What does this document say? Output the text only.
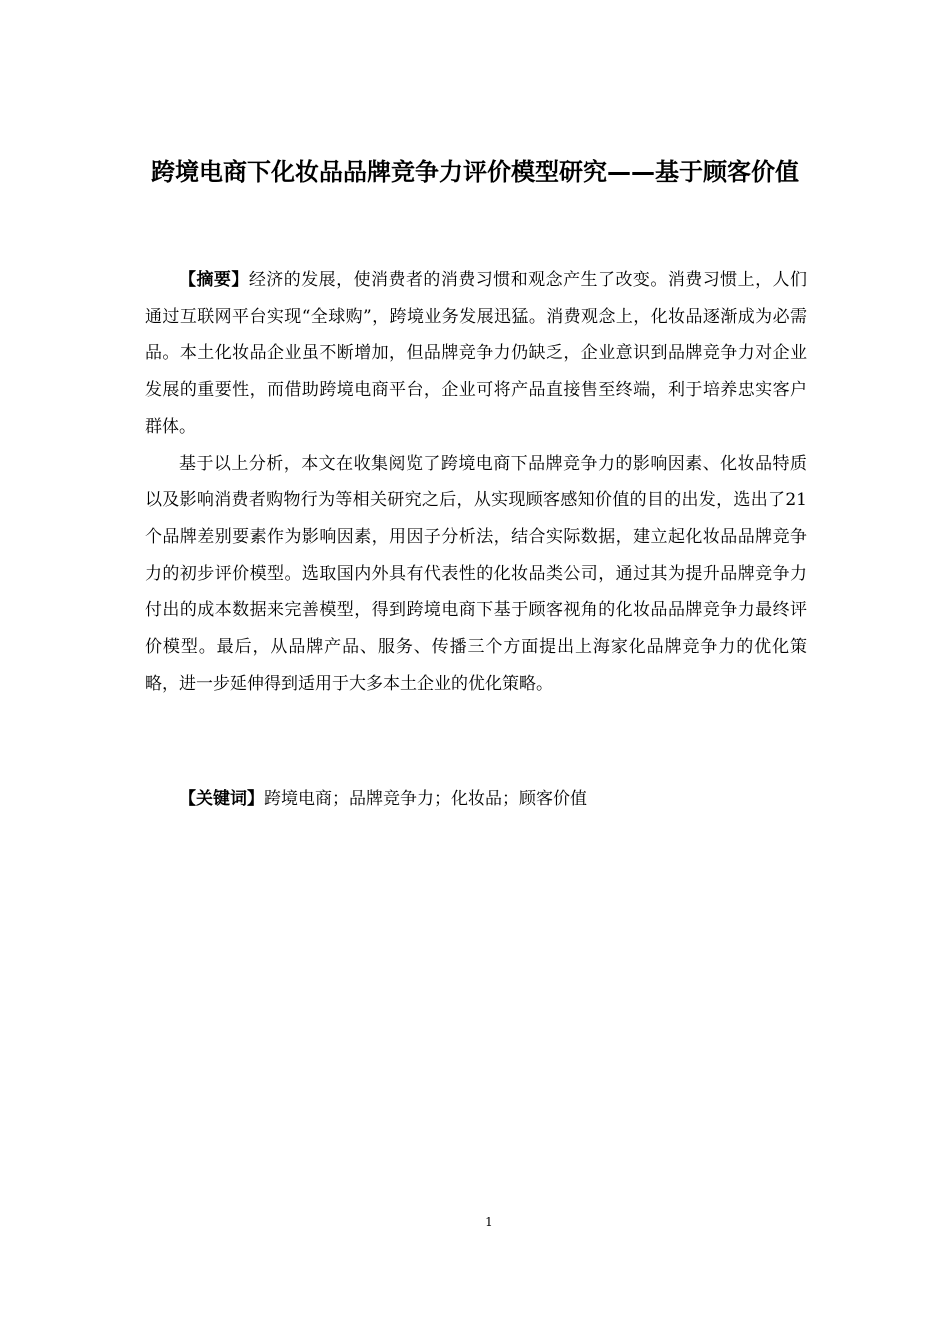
跨境电商下化妆品品牌竞争力评价模型研究——基于顾客价值

【摘要】经济的发展，使消费者的消费习惯和观念产生了改变。消费习惯上，人们通过互联网平台实现“全球购”，跨境业务发展迅猛。消费观念上，化妆品逐渐成为必需品。本土化妆品企业虽不断增加，但品牌竞争力仍缺乏，企业意识到品牌竞争力对企业发展的重要性，而借助跨境电商平台，企业可将产品直接售至终端，利于培养忠实客户群体。

基于以上分析，本文在收集阅览了跨境电商下品牌竞争力的影响因素、化妆品特质以及影响消费者购物行为等相关研究之后，从实现顾客感知价值的目的出发，选出了21个品牌差别要素作为影响因素，用因子分析法，结合实际数据，建立起化妆品品牌竞争力的初步评价模型。选取国内外具有代表性的化妆品类公司，通过其为提升品牌竞争力付出的成本数据来完善模型，得到跨境电商下基于顾客视角的化妆品品牌竞争力最终评价模型。最后，从品牌产品、服务、传播三个方面提出上海家化品牌竞争力的优化策略，进一步延伸得到适用于大多本土企业的优化策略。

【关键词】跨境电商；品牌竞争力；化妆品；顾客价值

1
